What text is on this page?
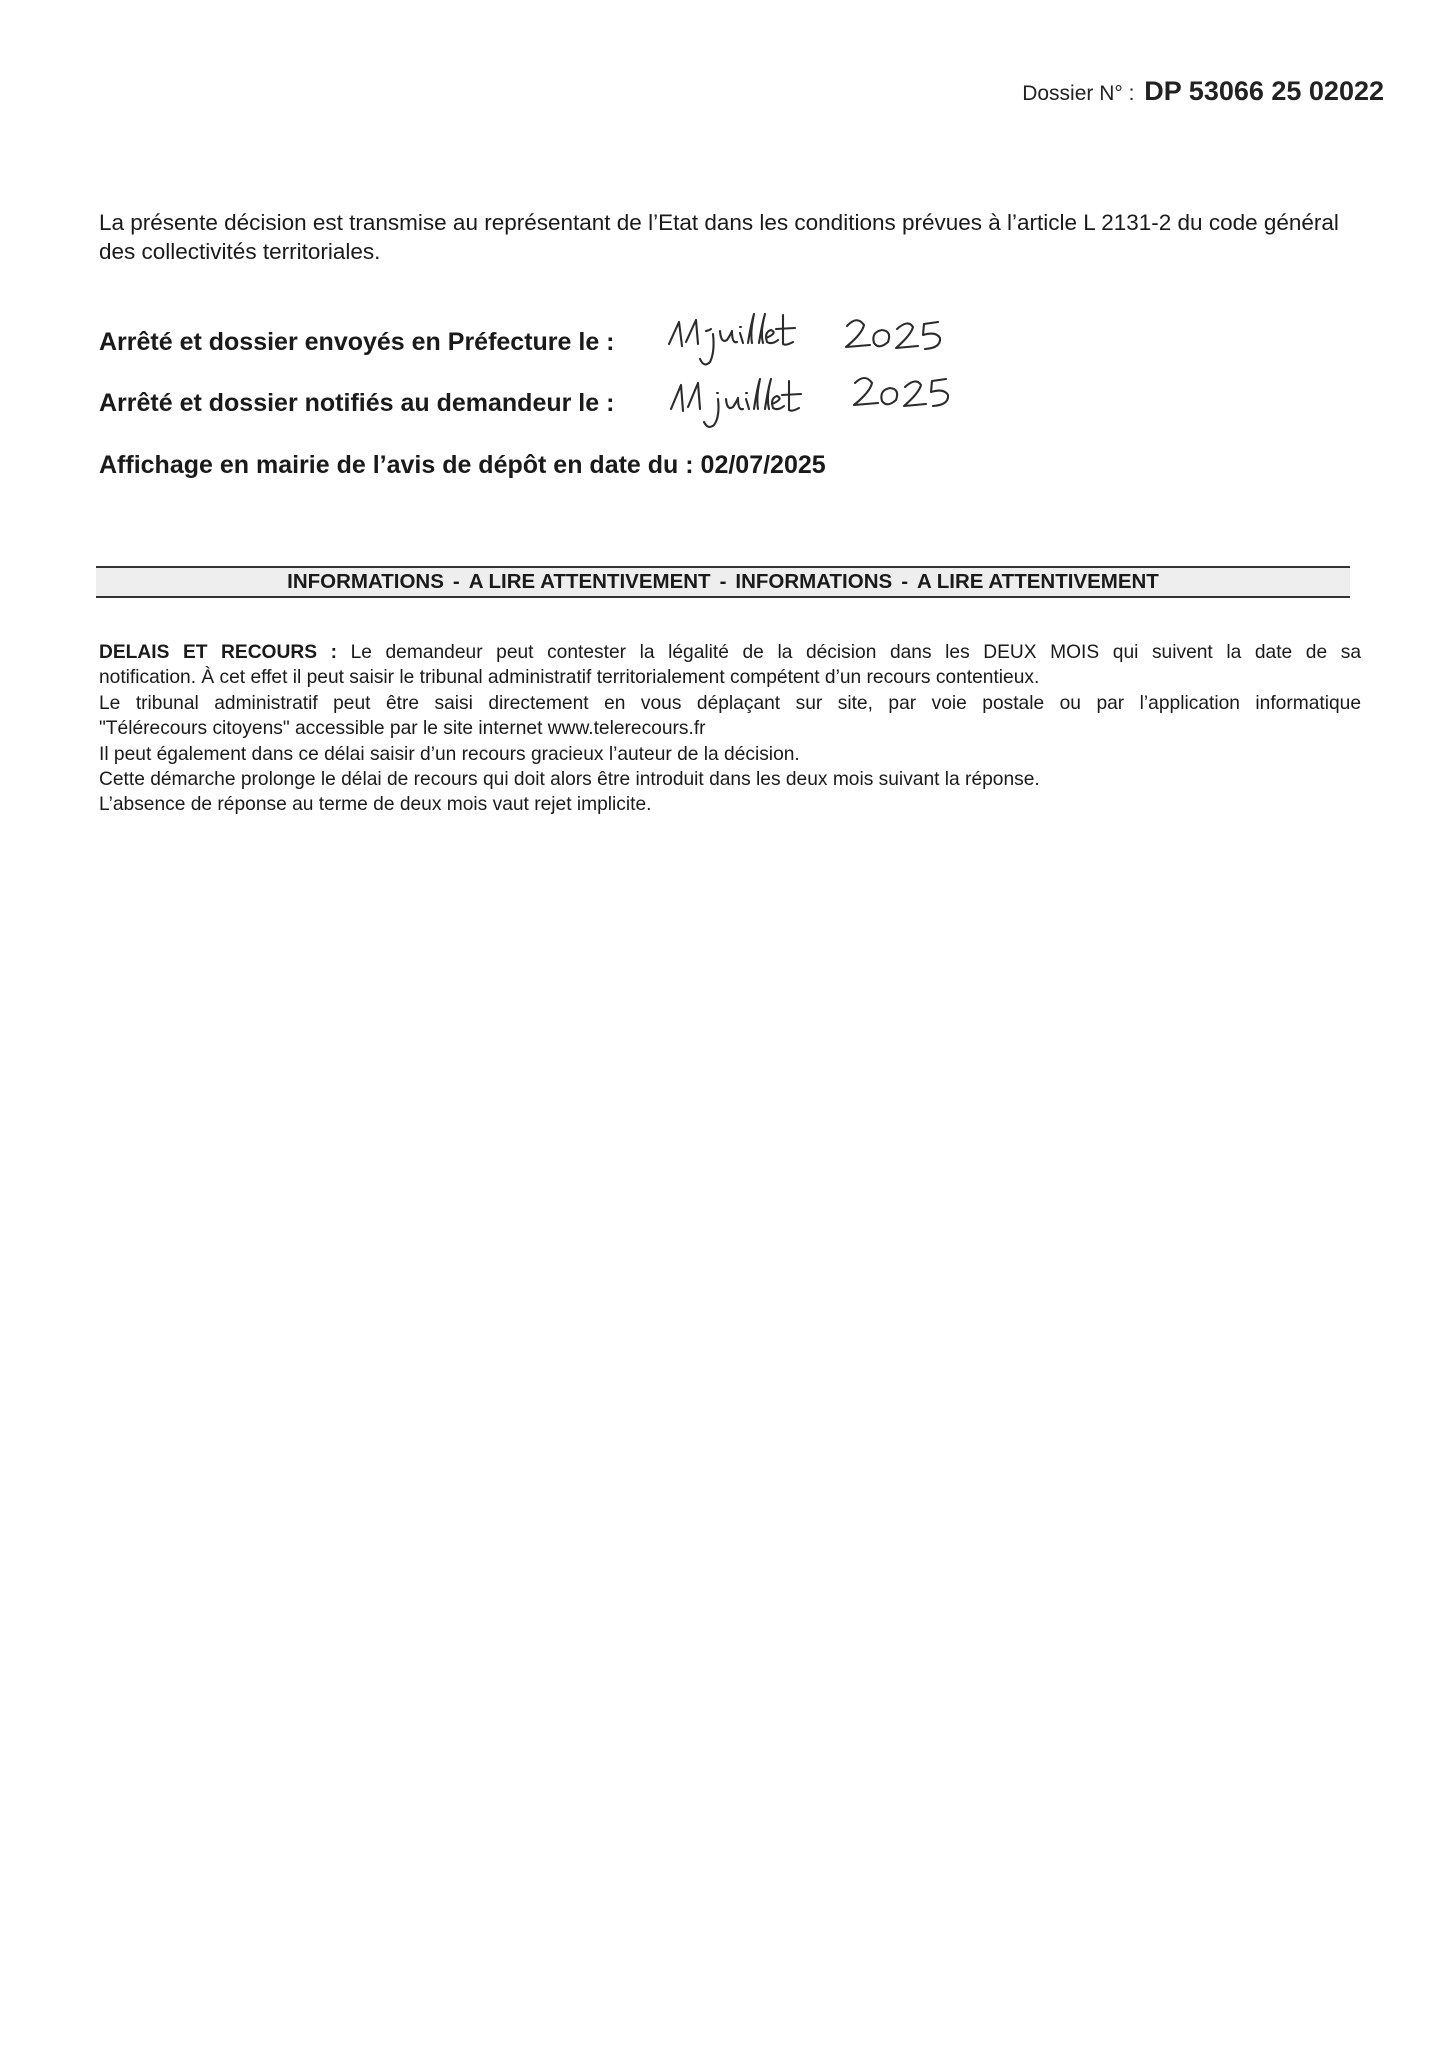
Dossier N° : DP 53066 25 02022

La présente décision est transmise au représentant de l’Etat dans les conditions prévues à l’article L 2131-2 du code général des collectivités territoriales.

Arrêté et dossier envoyés en Préfecture le :
Arrêté et dossier notifiés au demandeur le :
Affichage en mairie de l’avis de dépôt en date du : 02/07/2025
INFORMATIONS - A LIRE ATTENTIVEMENT - INFORMATIONS - A LIRE ATTENTIVEMENT
DELAIS ET RECOURS : Le demandeur peut contester la légalité de la décision dans les DEUX MOIS qui suivent la date de sa
notification. À cet effet il peut saisir le tribunal administratif territorialement compétent d’un recours contentieux.
Le tribunal administratif peut être saisi directement en vous déplaçant sur site, par voie postale ou par l’application informatique
"Télérecours citoyens" accessible par le site internet www.telerecours.fr
Il peut également dans ce délai saisir d’un recours gracieux l’auteur de la décision.
Cette démarche prolonge le délai de recours qui doit alors être introduit dans les deux mois suivant la réponse.
L’absence de réponse au terme de deux mois vaut rejet implicite.
